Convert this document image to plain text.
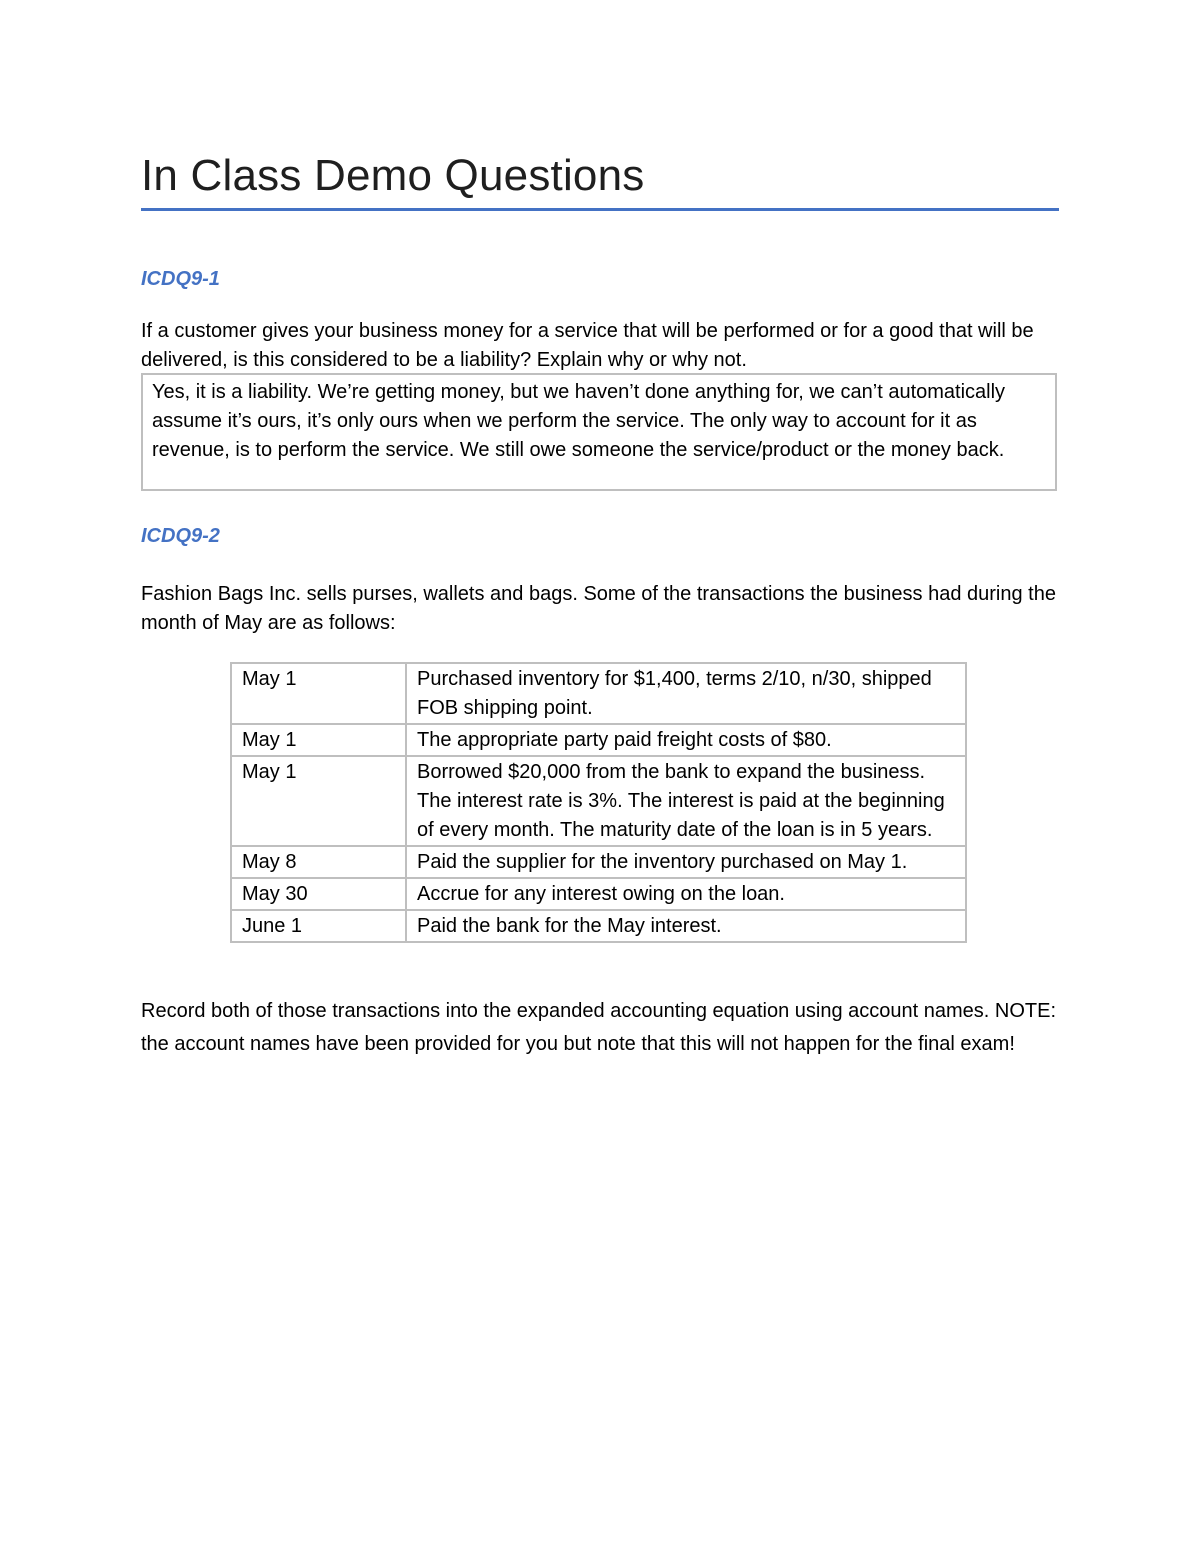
In Class Demo Questions

ICDQ9-1

If a customer gives your business money for a service that will be performed or for a good that will be delivered, is this considered to be a liability? Explain why or why not.

Yes, it is a liability. We’re getting money, but we haven’t done anything for, we can’t automatically assume it’s ours, it’s only ours when we perform the service. The only way to account for it as revenue, is to perform the service. We still owe someone the service/product or the money back.

ICDQ9-2

Fashion Bags Inc. sells purses, wallets and bags. Some of the transactions the business had during the month of May are as follows:

May 1	Purchased inventory for $1,400, terms 2/10, n/30, shipped FOB shipping point.
May 1	The appropriate party paid freight costs of $80.
May 1	Borrowed $20,000 from the bank to expand the business. The interest rate is 3%. The interest is paid at the beginning of every month. The maturity date of the loan is in 5 years.
May 8	Paid the supplier for the inventory purchased on May 1.
May 30	Accrue for any interest owing on the loan.
June 1	Paid the bank for the May interest.

Record both of those transactions into the expanded accounting equation using account names. NOTE: the account names have been provided for you but note that this will not happen for the final exam!
